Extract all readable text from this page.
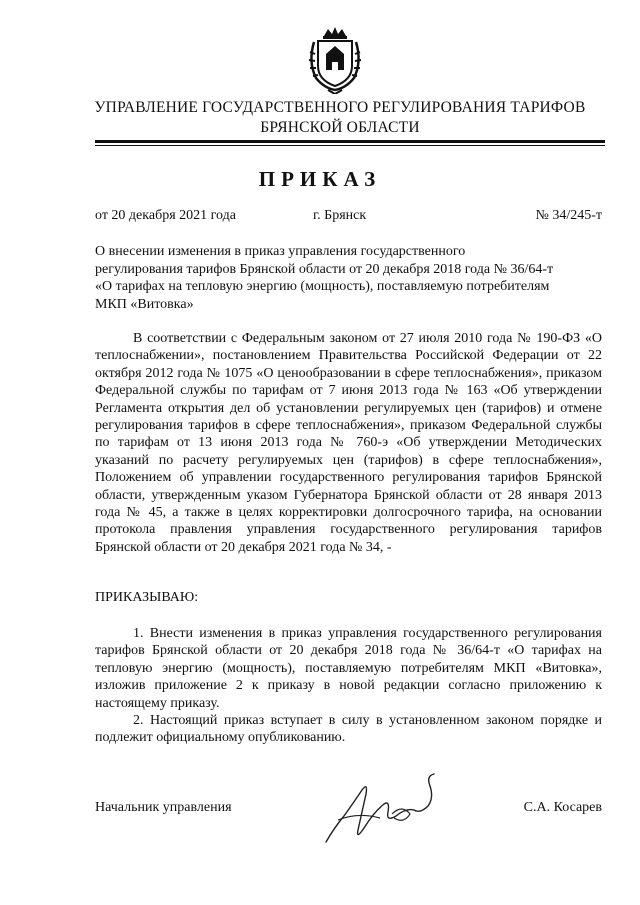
УПРАВЛЕНИЕ ГОСУДАРСТВЕННОГО РЕГУЛИРОВАНИЯ ТАРИФОВ
БРЯНСКОЙ ОБЛАСТИ
ПРИКАЗ
от 20 декабря 2021 года	г. Брянск	№ 34/245-т
О внесении изменения в приказ управления государственного регулирования тарифов Брянской области от 20 декабря 2018 года № 36/64-т «О тарифах на тепловую энергию (мощность), поставляемую потребителям МКП «Витовка»
В соответствии с Федеральным законом от 27 июля 2010 года № 190-ФЗ «О теплоснабжении», постановлением Правительства Российской Федерации от 22 октября 2012 года № 1075 «О ценообразовании в сфере теплоснабжения», приказом Федеральной службы по тарифам от 7 июня 2013 года № 163 «Об утверждении Регламента открытия дел об установлении регулируемых цен (тарифов) и отмене регулирования тарифов в сфере теплоснабжения», приказом Федеральной службы по тарифам от 13 июня 2013 года № 760-э «Об утверждении Методических указаний по расчету регулируемых цен (тарифов) в сфере теплоснабжения», Положением об управлении государственного регулирования тарифов Брянской области, утвержденным указом Губернатора Брянской области от 28 января 2013 года № 45, а также в целях корректировки долгосрочного тарифа, на основании протокола правления управления государственного регулирования тарифов Брянской области от 20 декабря 2021 года № 34, -
ПРИКАЗЫВАЮ:
1. Внести изменения в приказ управления государственного регулирования тарифов Брянской области от 20 декабря 2018 года № 36/64-т «О тарифах на тепловую энергию (мощность), поставляемую потребителям МКП «Витовка», изложив приложение 2 к приказу в новой редакции согласно приложению к настоящему приказу.
2. Настоящий приказ вступает в силу в установленном законом порядке и подлежит официальному опубликованию.
Начальник управления	С.А. Косарев
